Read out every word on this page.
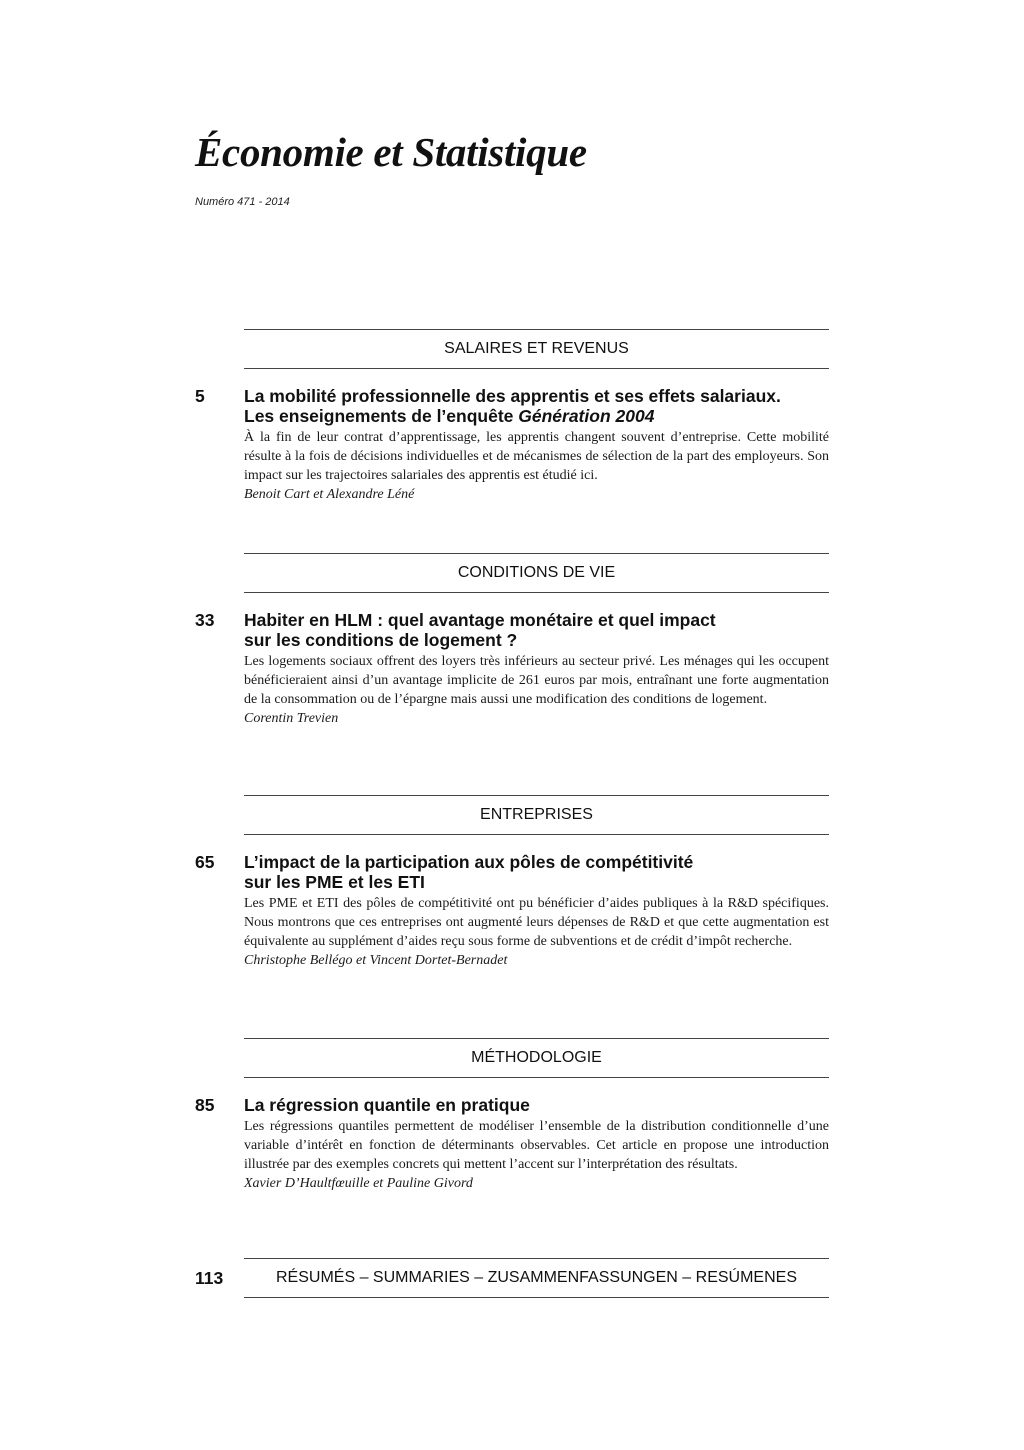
Économie et Statistique
Numéro 471 - 2014
SALAIRES ET REVENUS
5 La mobilité professionnelle des apprentis et ses effets salariaux.
Les enseignements de l’enquête Génération 2004

À la fin de leur contrat d’apprentissage, les apprentis changent souvent d’entreprise. Cette mobilité résulte à la fois de décisions individuelles et de mécanismes de sélection de la part des employeurs. Son impact sur les trajectoires salariales des apprentis est étudié ici.

Benoit Cart et Alexandre Léné

CONDITIONS DE VIE
33 Habiter en HLM : quel avantage monétaire et quel impact
sur les conditions de logement ?

Les logements sociaux offrent des loyers très inférieurs au secteur privé. Les ménages qui les occupent bénéficieraient ainsi d’un avantage implicite de 261 euros par mois, entraînant une forte augmentation de la consommation ou de l’épargne mais aussi une modification des conditions de logement.

Corentin Trevien

ENTREPRISES
65 L’impact de la participation aux pôles de compétitivité
sur les PME et les ETI

Les PME et ETI des pôles de compétitivité ont pu bénéficier d’aides publiques à la R&D spécifiques. Nous montrons que ces entreprises ont augmenté leurs dépenses de R&D et que cette augmentation est équivalente au supplément d’aides reçu sous forme de subventions et de crédit d’impôt recherche.

Christophe Bellégo et Vincent Dortet-Bernadet

MÉTHODOLOGIE
85 La régression quantile en pratique

Les régressions quantiles permettent de modéliser l’ensemble de la distribution conditionnelle d’une variable d’intérêt en fonction de déterminants observables. Cet article en propose une introduction illustrée par des exemples concrets qui mettent l’accent sur l’interprétation des résultats.

Xavier D’Haultfœuille et Pauline Givord

113	RÉSUMÉS – SUMMARIES – ZUSAMMENFASSUNGEN – RESÚMENES
